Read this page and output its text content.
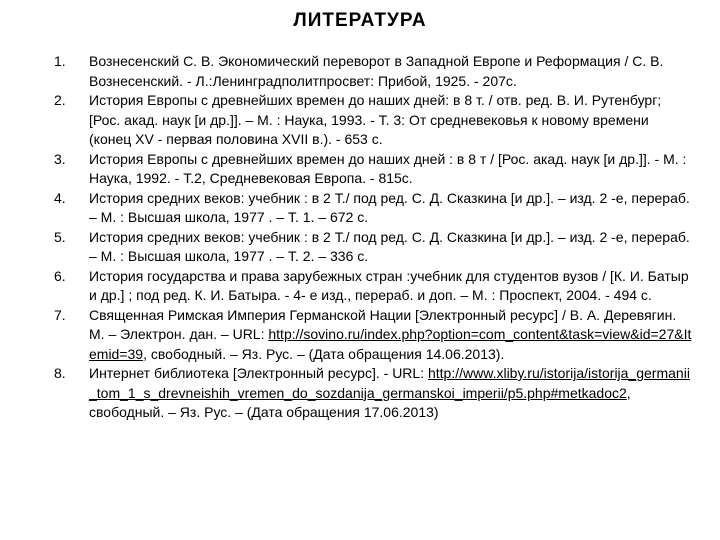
ЛИТЕРАТУРА
1. Вознесенский С. В. Экономический переворот в Западной Европе и Реформация / С. В. Вознесенский. - Л.:Ленинградполитпросвет: Прибой, 1925. - 207с.
2. История Европы с древнейших времен до наших дней: в 8 т. / отв. ред. В. И. Рутенбург; [Рос. акад. наук [и др.]]. – М. : Наука, 1993. - Т. 3: От средневековья к новому времени (конец XV - первая половина XVII в.). - 653 с.
3. История Европы с древнейших времен до наших дней : в 8 т / [Рос. акад. наук [и др.]]. - М. : Наука, 1992. - Т.2, Средневековая Европа. - 815с.
4. История средних веков: учебник : в 2 Т./ под ред. С. Д. Сказкина [и др.]. – изд. 2 -е, перераб. – М. : Высшая школа, 1977 . – Т. 1. – 672 с.
5. История средних веков: учебник : в 2 Т./ под ред. С. Д. Сказкина [и др.]. – изд. 2 -е, перераб. – М. : Высшая школа, 1977 . – Т. 2. – 336 с.
6. История государства и права зарубежных стран :учебник для студентов вузов / [К. И. Батыр и др.] ; под ред. К. И. Батыра. - 4- е изд., перераб. и доп. – М. : Проспект, 2004. - 494 с.
7. Священная Римская Империя Германской Нации [Электронный ресурс] / В. А. Деревягин. М. – Электрон. дан. – URL: http://sovino.ru/index.php?option=com_content&task=view&id=27&Itemid=39, свободный. – Яз. Рус. – (Дата обращения 14.06.2013).
8. Интернет библиотека [Электронный ресурс]. - URL: http://www.xliby.ru/istorija/istorija_germanii_tom_1_s_drevneishih_vremen_do_sozdanija_germanskoi_imperii/p5.php#metkadoc2, свободный. – Яз. Рус. – (Дата обращения 17.06.2013)
